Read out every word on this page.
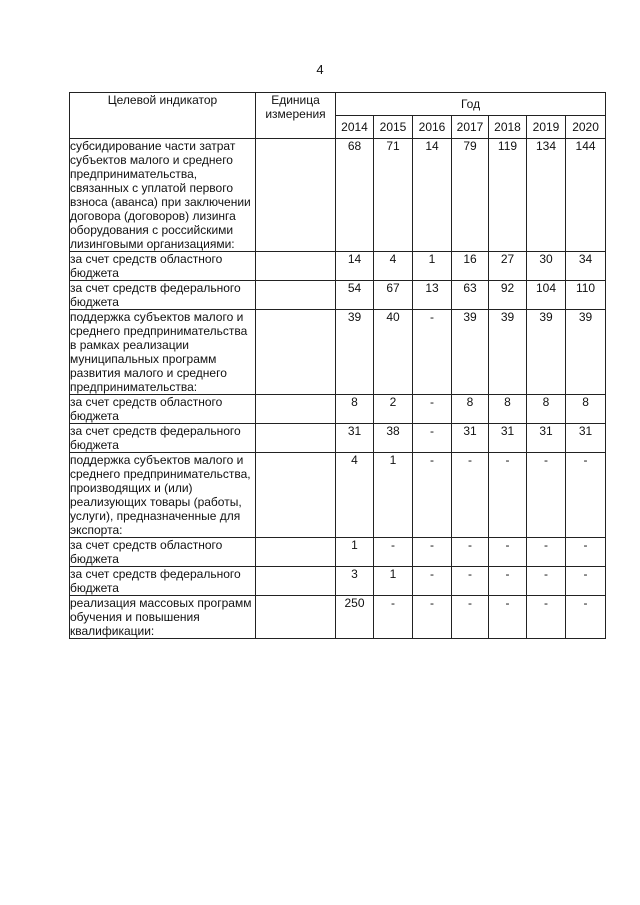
4
Целевой индикатор	Единица измерения	Год						
		2014	2015	2016	2017	2018	2019	2020
субсидирование части затрат субъектов малого и среднего предпринимательства, связанных с уплатой первого взноса (аванса) при заключении договора (договоров) лизинга оборудования с российскими лизинговыми организациями:		68	71	14	79	119	134	144
за счет средств областного бюджета		14	4	1	16	27	30	34
за счет средств федерального бюджета		54	67	13	63	92	104	110
поддержка субъектов малого и среднего предпринимательства в рамках реализации муниципальных программ развития малого и среднего предпринимательства:		39	40	-	39	39	39	39
за счет средств областного бюджета		8	2	-	8	8	8	8
за счет средств федерального бюджета		31	38	-	31	31	31	31
поддержка субъектов малого и среднего предпринимательства, производящих и (или) реализующих товары (работы, услуги), предназначенные для экспорта:		4	1	-	-	-	-	-
за счет средств областного бюджета		1	-	-	-	-	-	-
за счет средств федерального бюджета		3	1	-	-	-	-	-
реализация массовых программ обучения и повышения квалификации:		250	-	-	-	-	-	-
